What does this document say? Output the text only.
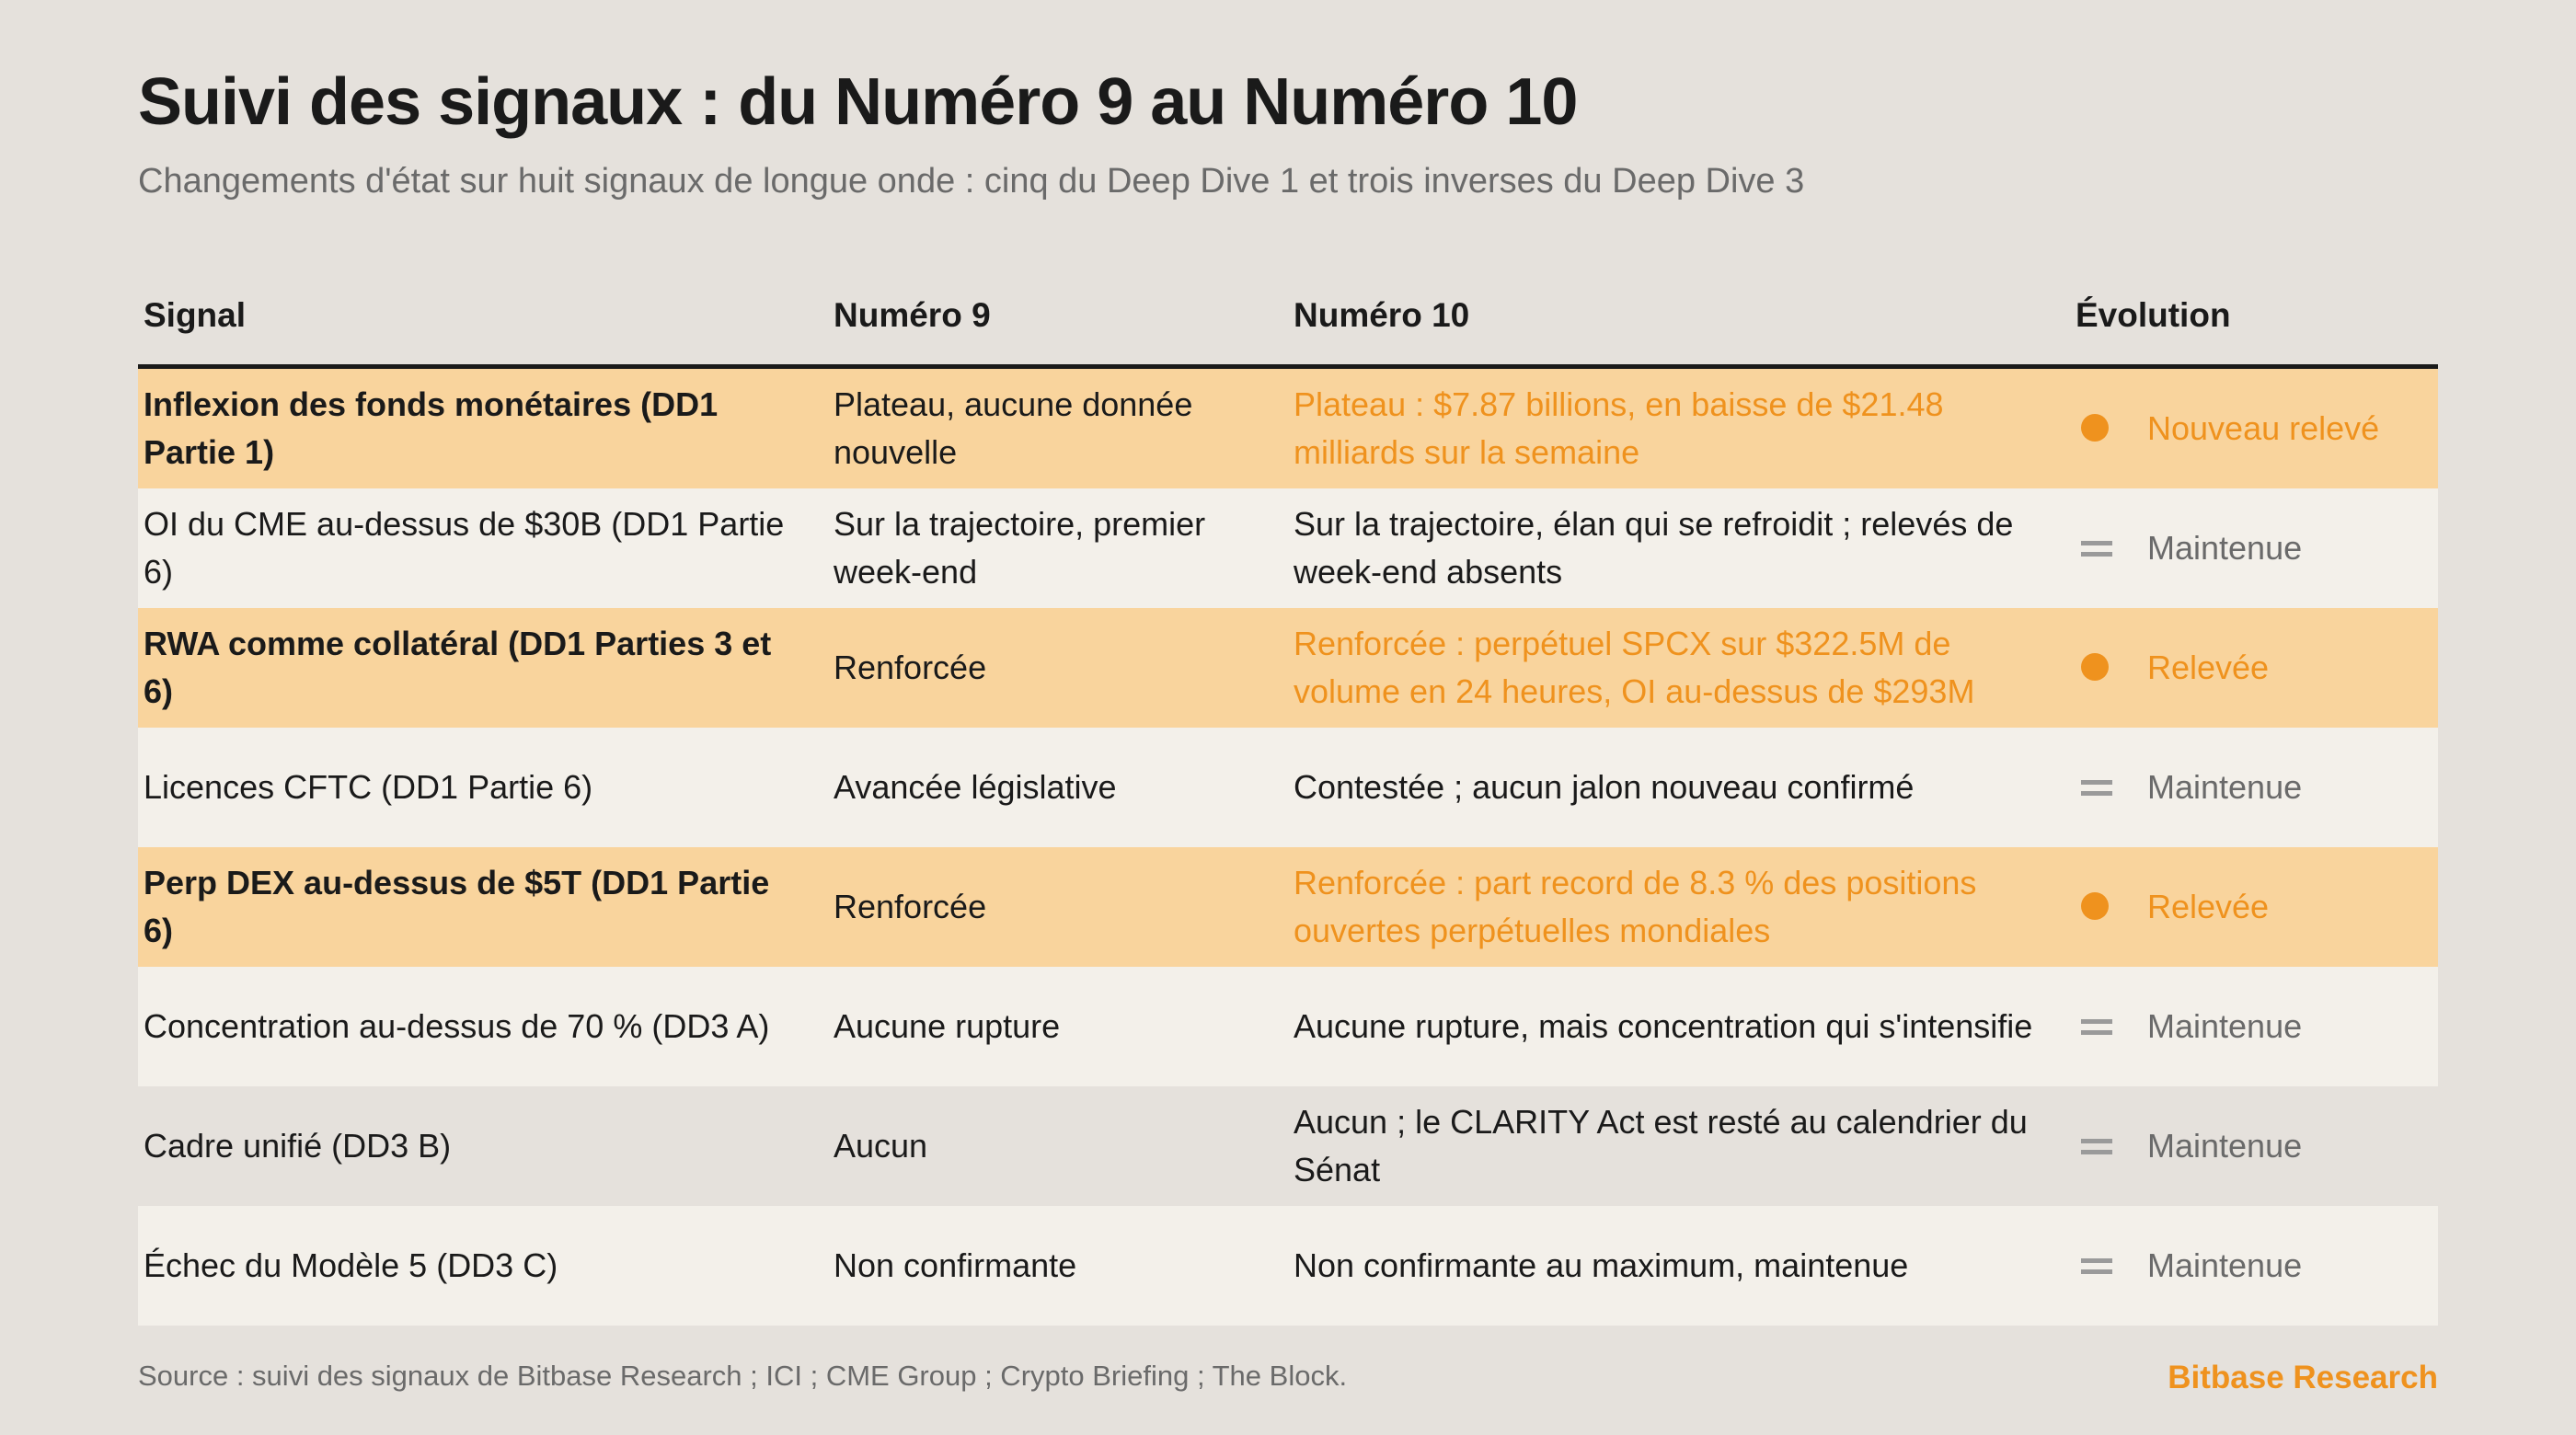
Suivi des signaux : du Numéro 9 au Numéro 10
Changements d'état sur huit signaux de longue onde : cinq du Deep Dive 1 et trois inverses du Deep Dive 3
Signal	Numéro 9	Numéro 10	Évolution
Inflexion des fonds monétaires (DD1 Partie 1)	Plateau, aucune donnée nouvelle	Plateau : $7.87 billions, en baisse de $21.48 milliards sur la semaine	Nouveau relevé

OI du CME au-dessus de $30B (DD1 Partie 6)	Sur la trajectoire, premier week-end	Sur la trajectoire, élan qui se refroidit ; relevés de week-end absents	Maintenue

RWA comme collatéral (DD1 Parties 3 et 6)	Renforcée	Renforcée : perpétuel SPCX sur $322.5M de volume en 24 heures, OI au-dessus de $293M	Relevée

Licences CFTC (DD1 Partie 6)	Avancée législative	Contestée ; aucun jalon nouveau confirmé	Maintenue

Perp DEX au-dessus de $5T (DD1 Partie 6)	Renforcée	Renforcée : part record de 8.3 % des positions ouvertes perpétuelles mondiales	Relevée

Concentration au-dessus de 70 % (DD3 A)	Aucune rupture	Aucune rupture, mais concentration qui s'intensifie	Maintenue

Cadre unifié (DD3 B)	Aucun	Aucun ; le CLARITY Act est resté au calendrier du Sénat	Maintenue

Échec du Modèle 5 (DD3 C)	Non confirmante	Non confirmante au maximum, maintenue	Maintenue
Source : suivi des signaux de Bitbase Research ; ICI ; CME Group ; Crypto Briefing ; The Block.	Bitbase Research
